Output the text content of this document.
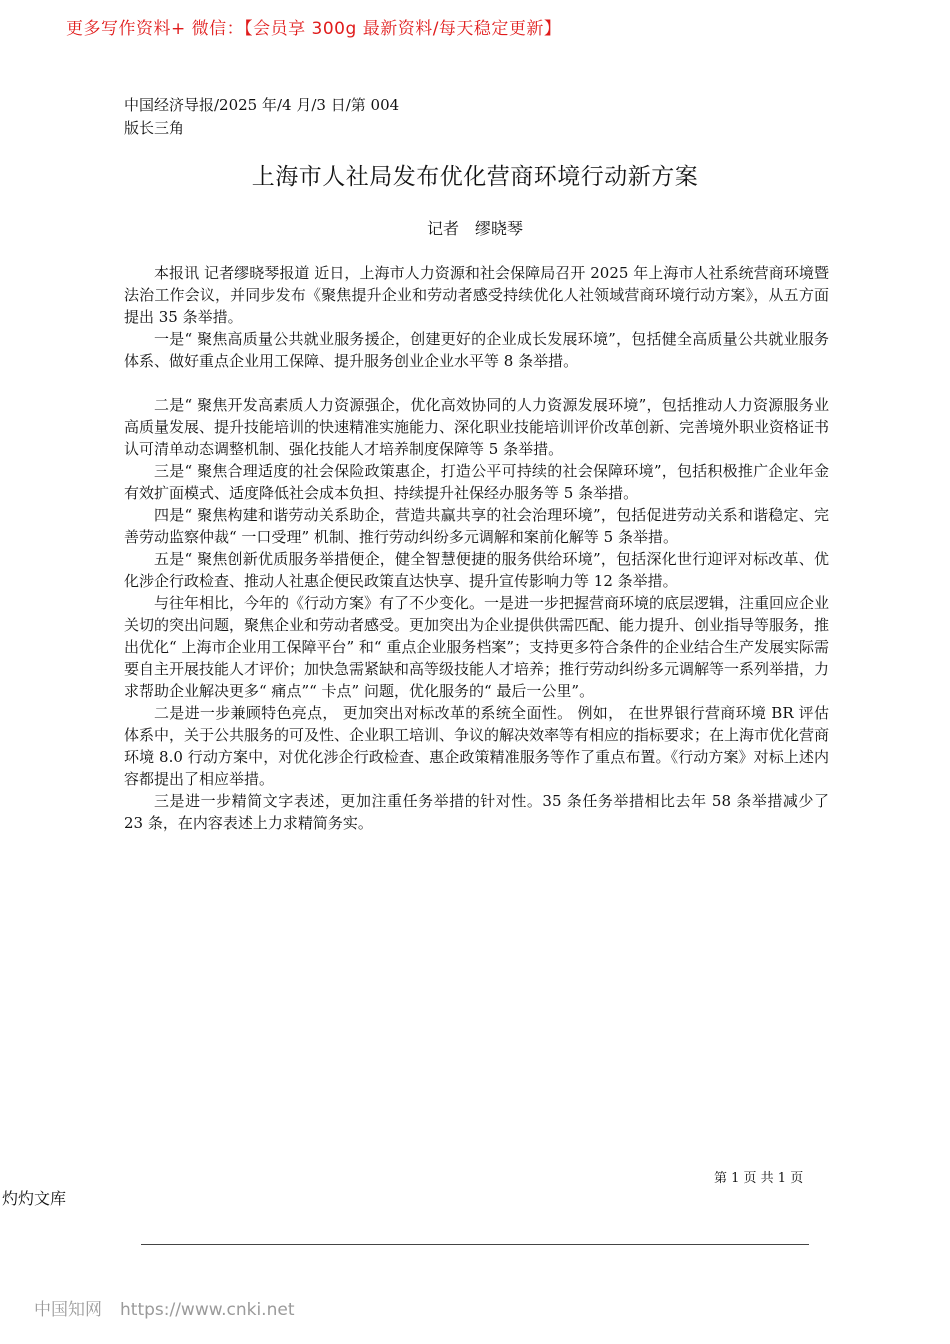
更多写作资料+ 微信：【会员享 300g 最新资料/每天稳定更新】
中国经济导报/2025 年/4 月/3 日/第 004
版长三角
上海市人社局发布优化营商环境行动新方案
记者　缪晓琴

本报讯 记者缪晓琴报道 近日，上海市人力资源和社会保障局召开 2025 年上海市人社系统营商环境暨法治工作会议，并同步发布《聚焦提升企业和劳动者感受持续优化人社领域营商环境行动方案》，从五方面提出 35 条举措。

一是“ 聚焦高质量公共就业服务援企，创建更好的企业成长发展环境”，包括健全高质量公共就业服务体系、做好重点企业用工保障、提升服务创业企业水平等 8 条举措。

二是“ 聚焦开发高素质人力资源强企，优化高效协同的人力资源发展环境”，包括推动人力资源服务业高质量发展、提升技能培训的快速精准实施能力、深化职业技能培训评价改革创新、完善境外职业资格证书认可清单动态调整机制、强化技能人才培养制度保障等 5 条举措。

三是“ 聚焦合理适度的社会保险政策惠企，打造公平可持续的社会保障环境”，包括积极推广企业年金有效扩面模式、适度降低社会成本负担、持续提升社保经办服务等 5 条举措。

四是“ 聚焦构建和谐劳动关系助企，营造共赢共享的社会治理环境”，包括促进劳动关系和谐稳定、完善劳动监察仲裁“ 一口受理” 机制、推行劳动纠纷多元调解和案前化解等 5 条举措。

五是“ 聚焦创新优质服务举措便企，健全智慧便捷的服务供给环境”，包括深化世行迎评对标改革、优化涉企行政检查、推动人社惠企便民政策直达快享、提升宣传影响力等 12 条举措。

与往年相比，今年的《行动方案》有了不少变化。一是进一步把握营商环境的底层逻辑，注重回应企业关切的突出问题，聚焦企业和劳动者感受。更加突出为企业提供供需匹配、能力提升、创业指导等服务，推出优化“ 上海市企业用工保障平台” 和“ 重点企业服务档案”；支持更多符合条件的企业结合生产发展实际需要自主开展技能人才评价；加快急需紧缺和高等级技能人才培养；推行劳动纠纷多元调解等一系列举措，力求帮助企业解决更多“ 痛点”“ 卡点” 问题，优化服务的“ 最后一公里”。

二是进一步兼顾特色亮点， 更加突出对标改革的系统全面性。 例如， 在世界银行营商环境 BR 评估体系中，关于公共服务的可及性、企业职工培训、争议的解决效率等有相应的指标要求；在上海市优化营商环境 8.0 行动方案中，对优化涉企行政检查、惠企政策精准服务等作了重点布置。《行动方案》对标上述内容都提出了相应举措。

三是进一步精简文字表述，更加注重任务举措的针对性。35 条任务举措相比去年 58 条举措减少了 23 条，在内容表述上力求精简务实。

第 1 页 共 1 页
灼灼文库
中国知网 https://www.cnki.net
